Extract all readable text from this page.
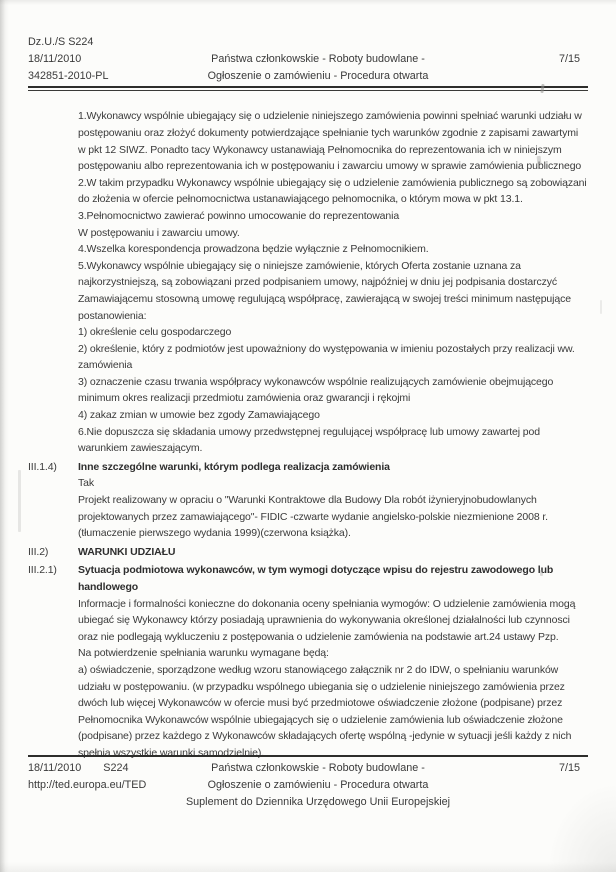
Dz.U./S S224
18/11/2010
342851-2010-PL
Państwa członkowskie - Roboty budowlane -
Ogłoszenie o zamówieniu - Procedura otwarta
7/15

1.Wykonawcy wspólnie ubiegający się o udzielenie niniejszego zamówienia powinni spełniać warunki udziału w postępowaniu oraz złożyć dokumenty potwierdzające spełnianie tych warunków zgodnie z zapisami zawartymi w pkt 12 SIWZ. Ponadto tacy Wykonawcy ustanawiają Pełnomocnika do reprezentowania ich w niniejszym postępowaniu albo reprezentowania ich w postępowaniu i zawarciu umowy w sprawie zamówienia publicznego

2.W takim przypadku Wykonawcy wspólnie ubiegający się o udzielenie zamówienia publicznego są zobowiązani do złożenia w ofercie pełnomocnictwa ustanawiającego pełnomocnika, o którym mowa w pkt 13.1.

3.Pełnomocnictwo zawierać powinno umocowanie do reprezentowania

W postępowaniu i zawarciu umowy.

4.Wszelka korespondencja prowadzona będzie wyłącznie z Pełnomocnikiem.

5.Wykonawcy wspólnie ubiegający się o niniejsze zamówienie, których Oferta zostanie uznana za najkorzystniejszą, są zobowiązani przed podpisaniem umowy, najpóźniej w dniu jej podpisania dostarczyć Zamawiającemu stosowną umowę regulującą współpracę, zawierającą w swojej treści minimum następujące postanowienia:

1) określenie celu gospodarczego

2) określenie, który z podmiotów jest upoważniony do występowania w imieniu pozostałych przy realizacji ww. zamówienia

3) oznaczenie czasu trwania współpracy wykonawców wspólnie realizujących zamówienie obejmującego minimum okres realizacji przedmiotu zamówienia oraz gwarancji i rękojmi

4) zakaz zmian w umowie bez zgody Zamawiającego

6.Nie dopuszcza się składania umowy przedwstępnej regulującej współpracę lub umowy zawartej pod warunkiem zawieszającym.

III.1.4)	Inne szczególne warunki, którym podlega realizacja zamówienia

Tak

Projekt realizowany w opraciu o "Warunki Kontraktowe dla Budowy Dla robót iżynieryjnobudowlanych projektowanych przez zamawiającego"- FIDIC -czwarte wydanie angielsko-polskie niezmienione 2008 r. (tłumaczenie pierwszego wydania 1999)(czerwona książka).

III.2)	WARUNKI UDZIAŁU
III.2.1)	Sytuacja podmiotowa wykonawców, w tym wymogi dotyczące wpisu do rejestru zawodowego lub handlowego

Informacje i formalności konieczne do dokonania oceny spełniania wymogów: O udzielenie zamówienia mogą ubiegać się Wykonawcy którzy posiadają uprawnienia do wykonywania określonej działalności lub czynnosci oraz nie podlegają wykluczeniu z postępowania o udzielenie zamówienia na podstawie art.24 ustawy Pzp.

Na potwierdzenie spełniania warunku wymagane będą:

a) oświadczenie, sporządzone według wzoru stanowiącego załącznik nr 2 do IDW, o spełnianiu warunków udziału w postępowaniu. (w przypadku wspólnego ubiegania się o udzielenie niniejszego zamówienia przez dwóch lub więcej Wykonawców w ofercie musi być przedmiotowe oświadczenie złożone (podpisane) przez Pełnomocnika Wykonawców wspólnie ubiegających się o udzielenie zamówienia lub oświadczenie złożone (podpisane) przez każdego z Wykonawców składających ofertę wspólną -jedynie w sytuacji jeśli każdy z nich spełnia wszystkie warunki samodzielnie).

18/11/2010 S224
http://ted.europa.eu/TED
Państwa członkowskie - Roboty budowlane -
Ogłoszenie o zamówieniu - Procedura otwarta
Suplement do Dziennika Urzędowego Unii Europejskiej
7/15
